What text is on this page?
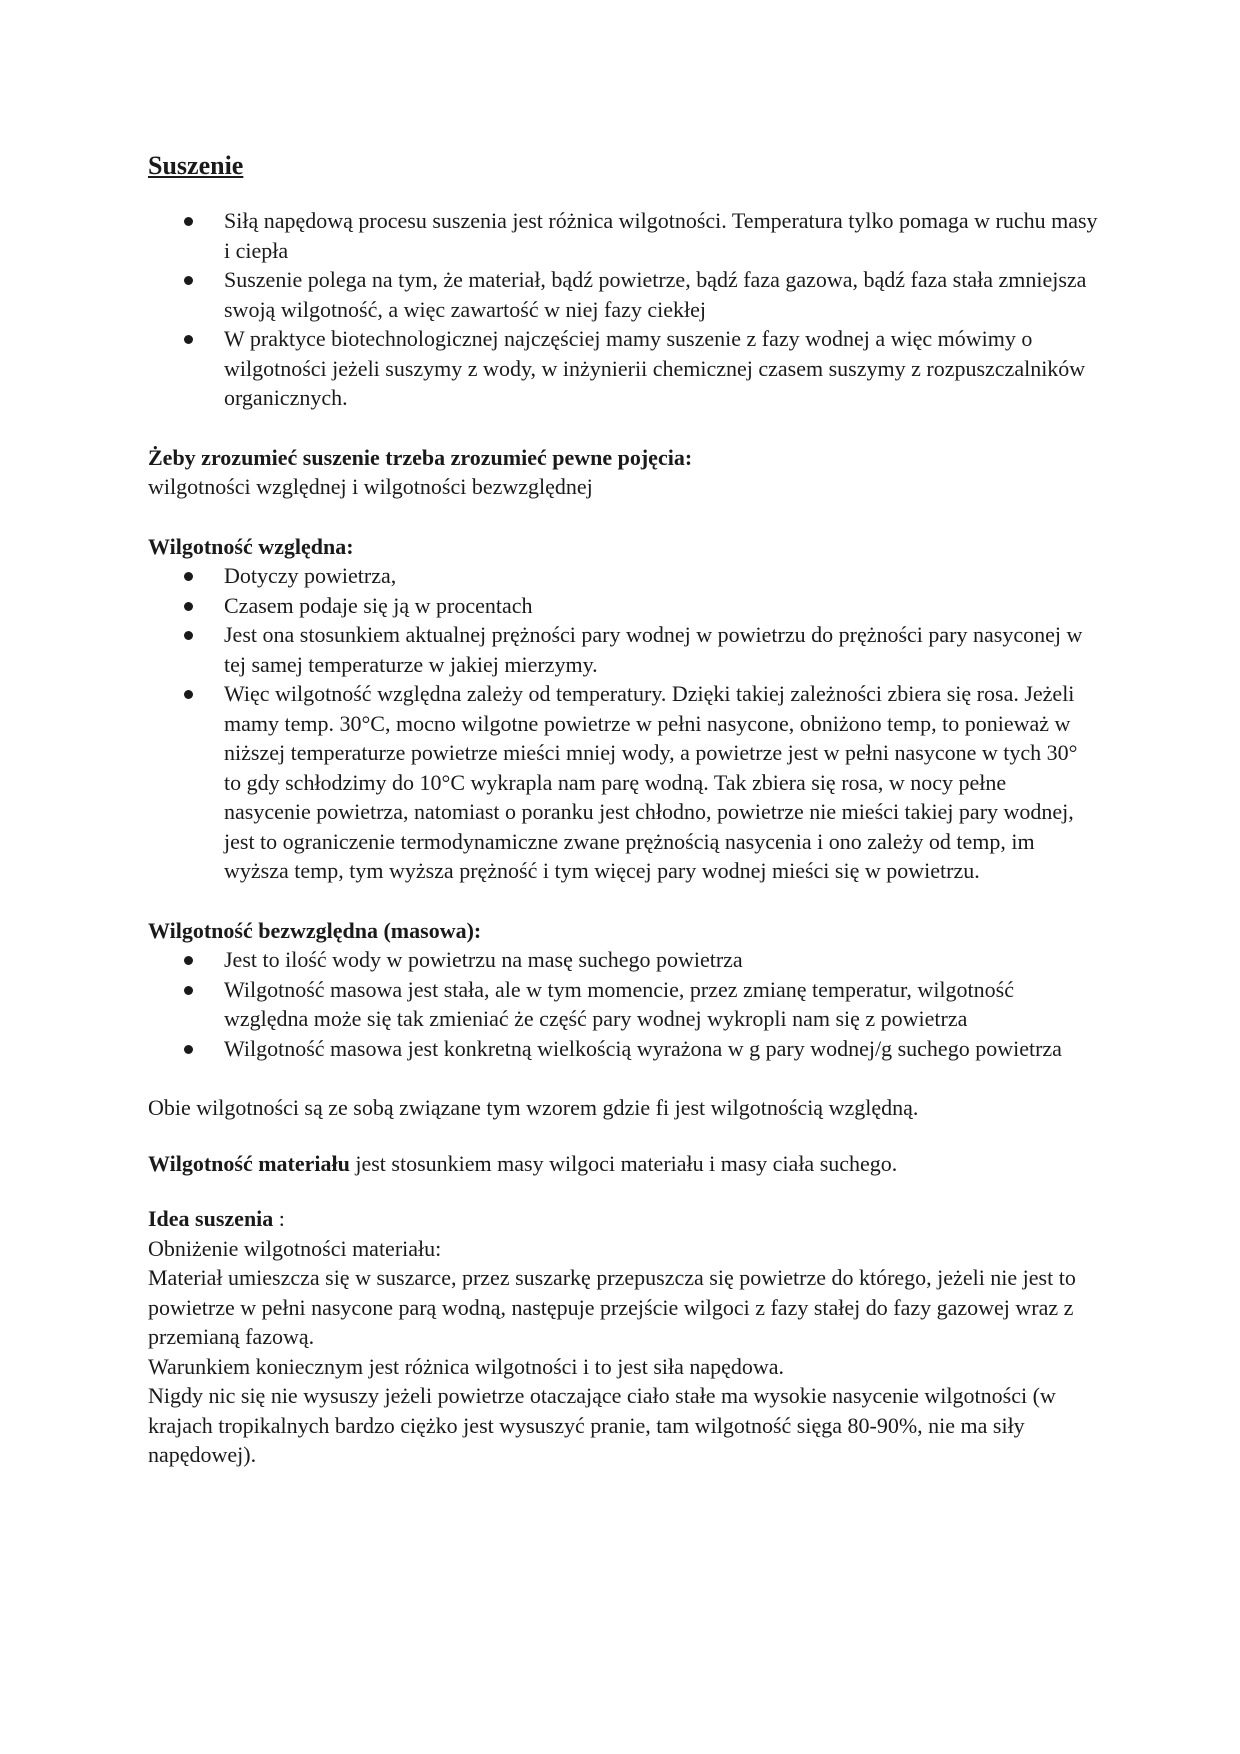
Suszenie
Siłą napędową procesu suszenia jest różnica wilgotności. Temperatura tylko pomaga w ruchu masy i ciepła
Suszenie polega na tym, że materiał, bądź powietrze, bądź faza gazowa, bądź faza stała zmniejsza swoją wilgotność, a więc zawartość w niej fazy ciekłej
W praktyce biotechnologicznej najczęściej mamy suszenie z fazy wodnej a więc mówimy o wilgotności jeżeli suszymy z wody, w inżynierii chemicznej czasem suszymy z rozpuszczalników organicznych.

Żeby zrozumieć suszenie trzeba zrozumieć pewne pojęcia:

wilgotności względnej i wilgotności bezwzględnej

Wilgotność względna:

Dotyczy powietrza,
Czasem podaje się ją w procentach
Jest ona stosunkiem aktualnej prężności pary wodnej w powietrzu do prężności pary nasyconej w tej samej temperaturze w jakiej mierzymy.
Więc wilgotność względna zależy od temperatury. Dzięki takiej zależności zbiera się rosa. Jeżeli mamy temp. 30°C, mocno wilgotne powietrze w pełni nasycone, obniżono temp, to ponieważ w niższej temperaturze powietrze mieści mniej wody, a powietrze jest w pełni nasycone w tych 30° to gdy schłodzimy do 10°C wykrapla nam parę wodną. Tak zbiera się rosa, w nocy pełne nasycenie powietrza, natomiast o poranku jest chłodno, powietrze nie mieści takiej pary wodnej, jest to ograniczenie termodynamiczne zwane prężnością nasycenia i ono zależy od temp, im wyższa temp, tym wyższa prężność i tym więcej pary wodnej mieści się w powietrzu.

Wilgotność bezwzględna (masowa):

Jest to ilość wody w powietrzu na masę suchego powietrza
Wilgotność masowa jest stała, ale w tym momencie, przez zmianę temperatur, wilgotność względna może się tak zmieniać że część pary wodnej wykropli nam się z powietrza
Wilgotność masowa jest konkretną wielkością wyrażona w g pary wodnej/g suchego powietrza

Obie wilgotności są ze sobą związane tym wzorem gdzie fi jest wilgotnością względną.

Wilgotność materiału jest stosunkiem masy wilgoci materiału i masy ciała suchego.

Idea suszenia :

Obniżenie wilgotności materiału:

Materiał umieszcza się w suszarce, przez suszarkę przepuszcza się powietrze do którego, jeżeli nie jest to powietrze w pełni nasycone parą wodną, następuje przejście wilgoci z fazy stałej do fazy gazowej wraz z przemianą fazową.

Warunkiem koniecznym jest różnica wilgotności i to jest siła napędowa.

Nigdy nic się nie wysuszy jeżeli powietrze otaczające ciało stałe ma wysokie nasycenie wilgotności (w krajach tropikalnych bardzo ciężko jest wysuszyć pranie, tam wilgotność sięga 80-90%, nie ma siły napędowej).
